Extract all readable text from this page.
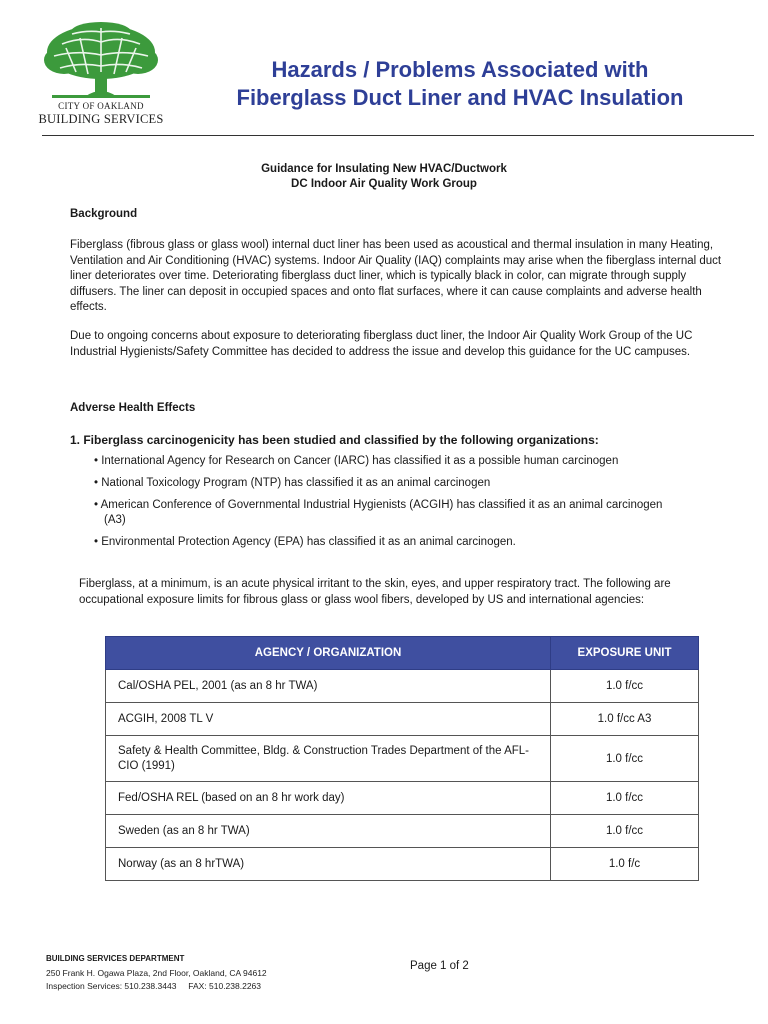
CITY OF OAKLAND
BUILDING SERVICES
Hazards / Problems Associated with
Fiberglass Duct Liner and HVAC Insulation
Guidance for Insulating New HVAC/Ductwork
DC Indoor Air Quality Work Group
Background

Fiberglass (fibrous glass or glass wool) internal duct liner has been used as acoustical and thermal insulation in many Heating, Ventilation and Air Conditioning (HVAC) systems. Indoor Air Quality (IAQ) complaints may arise when the fiberglass internal duct liner deteriorates over time. Deteriorating fiberglass duct liner, which is typically black in color, can migrate through supply diffusers. The liner can deposit in occupied spaces and onto flat surfaces, where it can cause complaints and adverse health effects.

Due to ongoing concerns about exposure to deteriorating fiberglass duct liner, the Indoor Air Quality Work Group of the UC Industrial Hygienists/Safety Committee has decided to address the issue and develop this guidance for the UC campuses.

Adverse Health Effects
1. Fiberglass carcinogenicity has been studied and classified by the following organizations:
• International Agency for Research on Cancer (IARC) has classified it as a possible human carcinogen
• National Toxicology Program (NTP) has classified it as an animal carcinogen
• American Conference of Governmental Industrial Hygienists (ACGIH) has classified it as an animal carcinogen
(A3)
• Environmental Protection Agency (EPA) has classified it as an animal carcinogen.

Fiberglass, at a minimum, is an acute physical irritant to the skin, eyes, and upper respiratory tract. The following are occupational exposure limits for fibrous glass or glass wool fibers, developed by US and international agencies:

AGENCY / ORGANIZATION	EXPOSURE UNIT
Cal/OSHA PEL, 2001 (as an 8 hr TWA)	1.0 f/cc
ACGIH, 2008 TL V	1.0 f/cc A3
Safety & Health Committee, Bldg. & Construction Trades Department of the AFL-CIO (1991)	1.0 f/cc
Fed/OSHA REL (based on an 8 hr work day)	1.0 f/cc
Sweden (as an 8 hr TWA)	1.0 f/cc
Norway (as an 8 hrTWA)	1.0 f/c
BUILDING SERVICES DEPARTMENT
250 Frank H. Ogawa Plaza, 2nd Floor, Oakland, CA 94612
Inspection Services: 510.238.3443     FAX: 510.238.2263
Page 1 of 2
